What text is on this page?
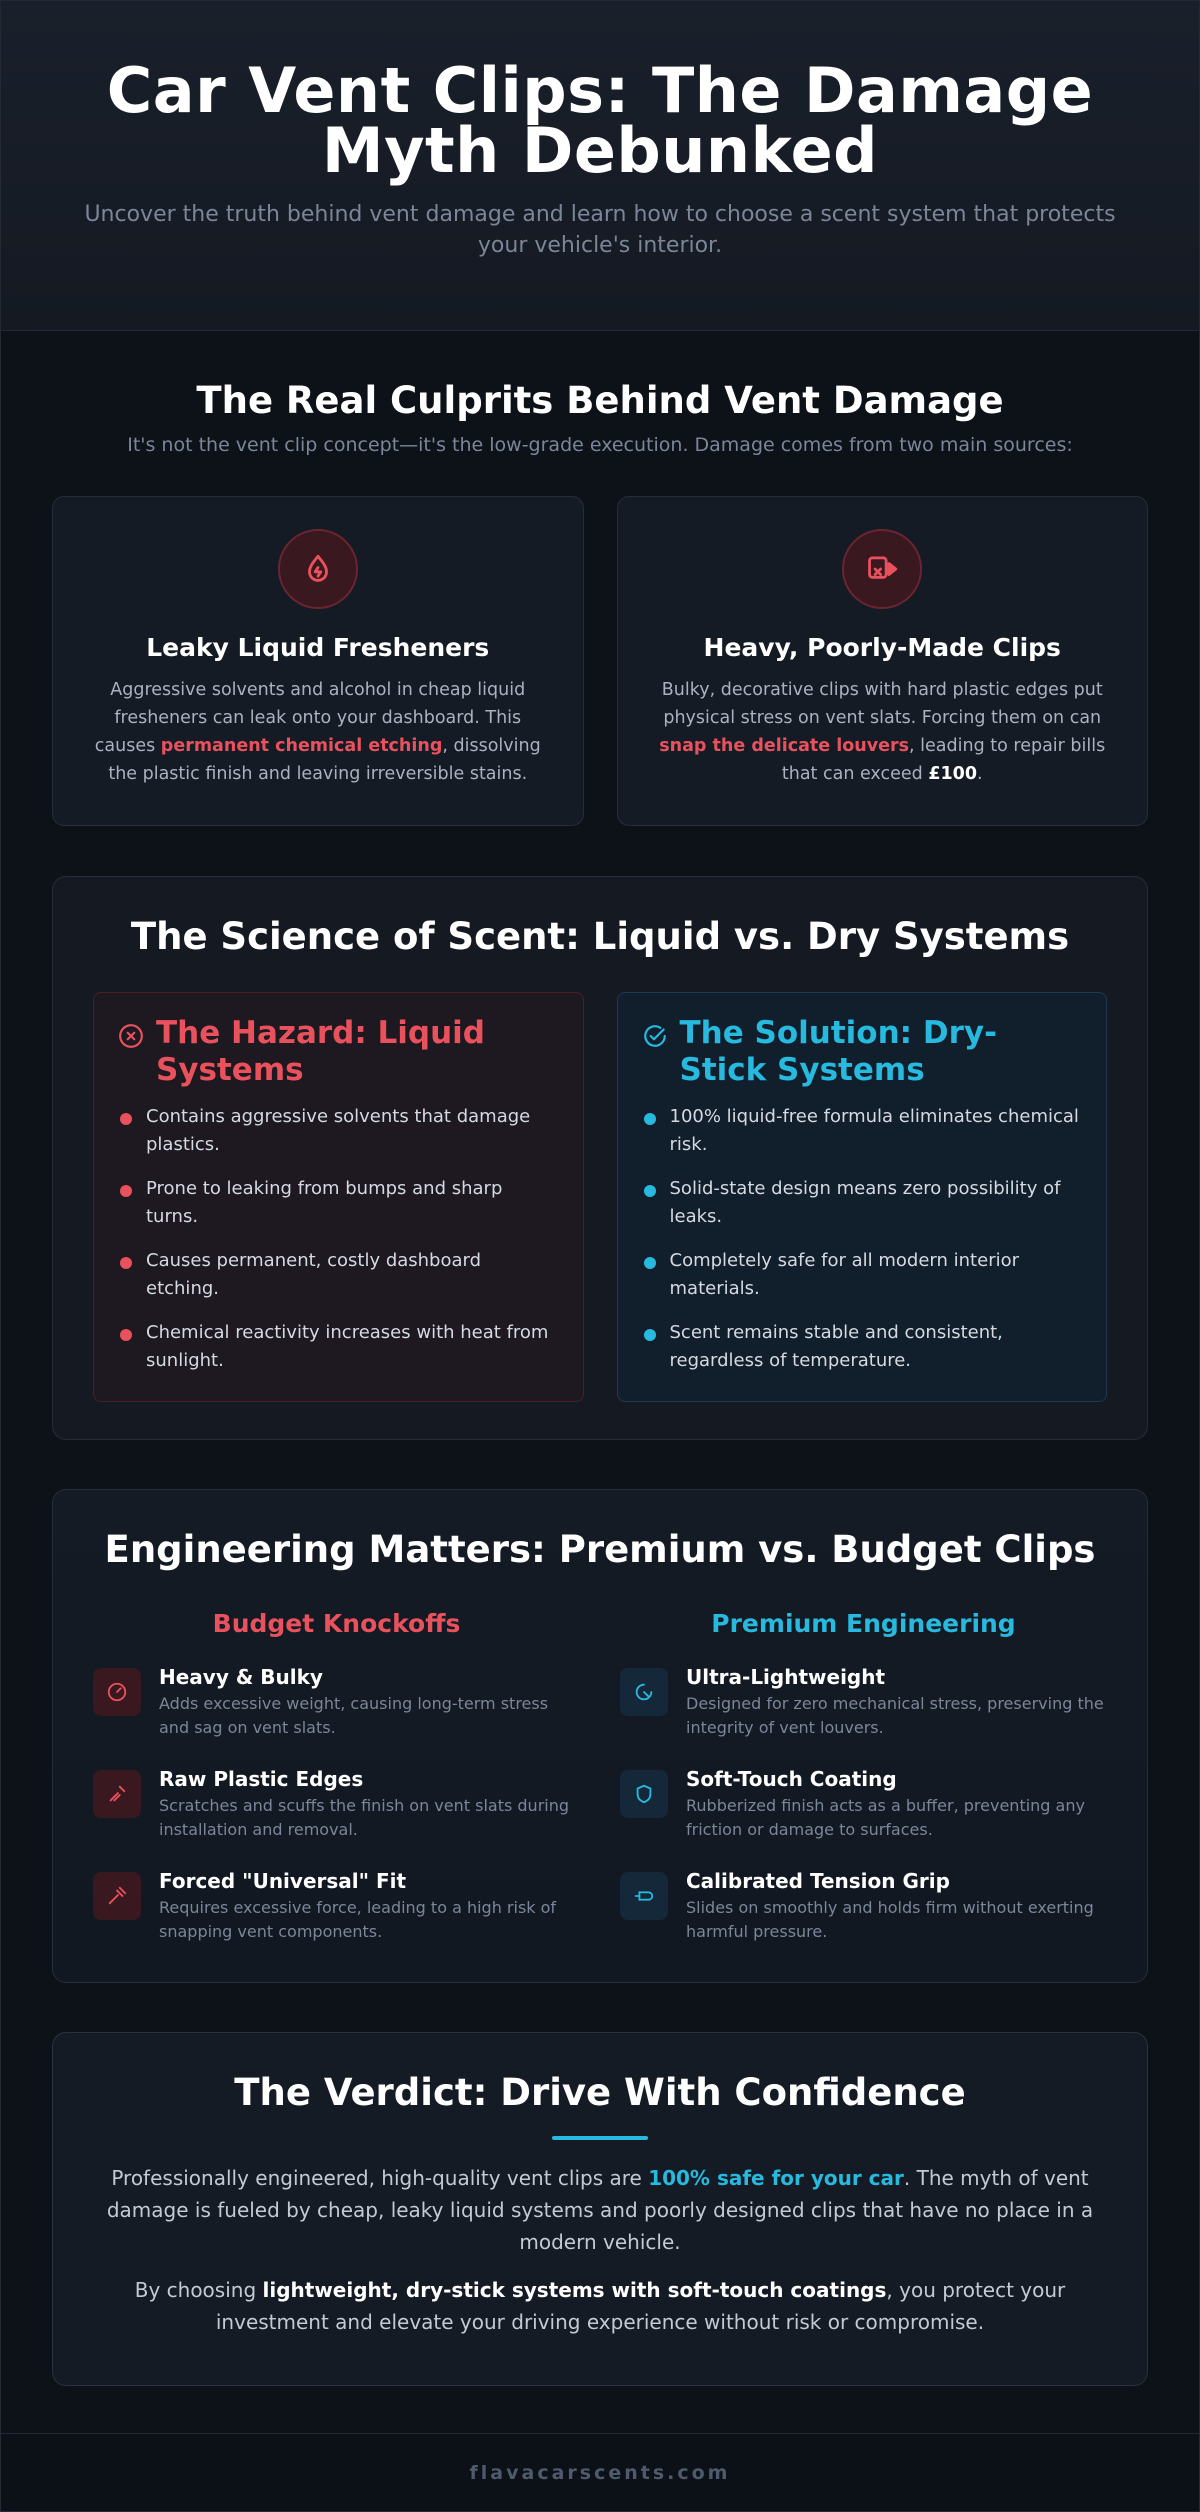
Car Vent Clips: The Damage Myth Debunked

Uncover the truth behind vent damage and learn how to choose a scent system that protects your vehicle's interior.

The Real Culprits Behind Vent Damage

It's not the vent clip concept—it's the low-grade execution. Damage comes from two main sources:

Leaky Liquid Fresheners

Aggressive solvents and alcohol in cheap liquid fresheners can leak onto your dashboard. This causes permanent chemical etching, dissolving the plastic finish and leaving irreversible stains.

Heavy, Poorly-Made Clips

Bulky, decorative clips with hard plastic edges put physical stress on vent slats. Forcing them on can snap the delicate louvers, leading to repair bills that can exceed £100.

The Science of Scent: Liquid vs. Dry Systems
The Hazard: Liquid Systems
Contains aggressive solvents that damage plastics.
Prone to leaking from bumps and sharp turns.
Causes permanent, costly dashboard etching.
Chemical reactivity increases with heat from sunlight.
The Solution: Dry-Stick Systems
100% liquid-free formula eliminates chemical risk.
Solid-state design means zero possibility of leaks.
Completely safe for all modern interior materials.
Scent remains stable and consistent, regardless of temperature.
Engineering Matters: Premium vs. Budget Clips
Budget Knockoffs
Heavy & Bulky
Adds excessive weight, causing long-term stress and sag on vent slats.
Raw Plastic Edges
Scratches and scuffs the finish on vent slats during installation and removal.
Forced "Universal" Fit
Requires excessive force, leading to a high risk of snapping vent components.
Premium Engineering
Ultra-Lightweight
Designed for zero mechanical stress, preserving the integrity of vent louvers.
Soft-Touch Coating
Rubberized finish acts as a buffer, preventing any friction or damage to surfaces.
Calibrated Tension Grip
Slides on smoothly and holds firm without exerting harmful pressure.
The Verdict: Drive With Confidence

Professionally engineered, high-quality vent clips are 100% safe for your car. The myth of vent damage is fueled by cheap, leaky liquid systems and poorly designed clips that have no place in a modern vehicle.

By choosing lightweight, dry-stick systems with soft-touch coatings, you protect your investment and elevate your driving experience without risk or compromise.

flavacarscents.com
